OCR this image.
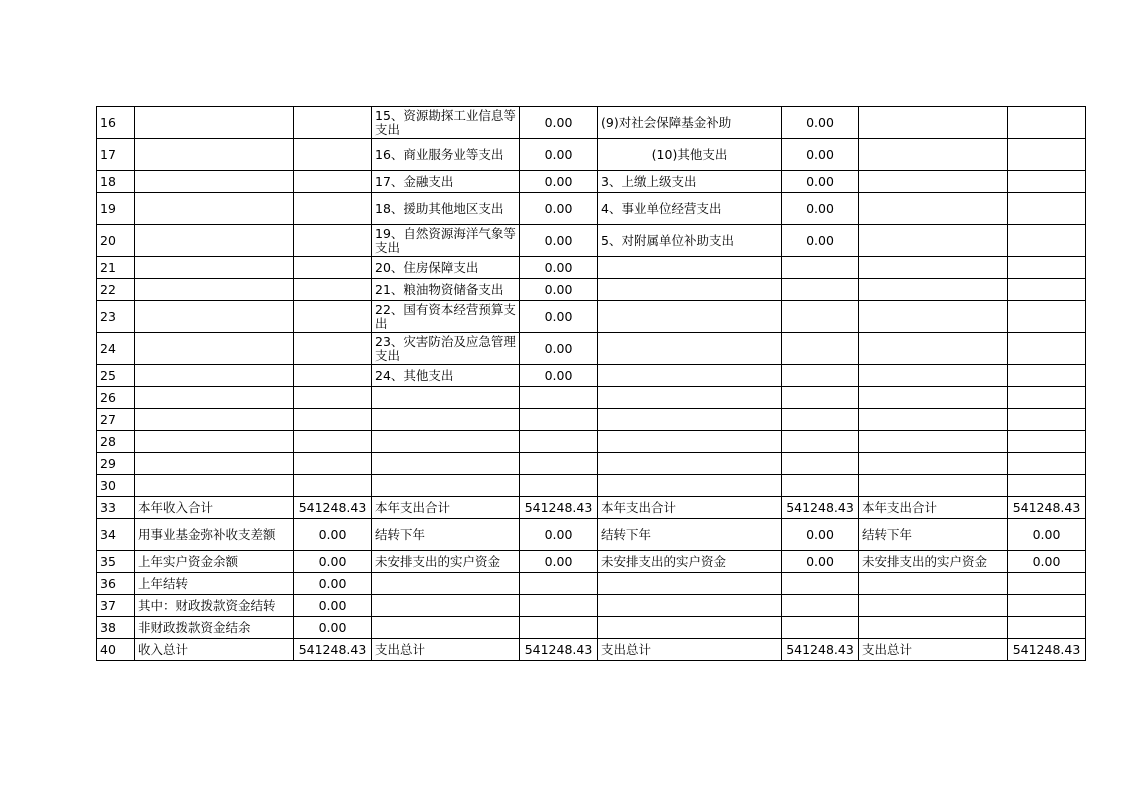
16			15、资源勘探工业信息等支出	0.00	(9)对社会保障基金补助	0.00		
17			16、商业服务业等支出	0.00	(10)其他支出	0.00		
18			17、金融支出	0.00	3、上缴上级支出	0.00		
19			18、援助其他地区支出	0.00	4、事业单位经营支出	0.00		
20			19、自然资源海洋气象等支出	0.00	5、对附属单位补助支出	0.00		
21			20、住房保障支出	0.00				
22			21、粮油物资储备支出	0.00				
23			22、国有资本经营预算支出	0.00				
24			23、灾害防治及应急管理支出	0.00				
25			24、其他支出	0.00				
26								
27								
28								
29								
30								
33	本年收入合计	541248.43	本年支出合计	541248.43	本年支出合计	541248.43	本年支出合计	541248.43
34	用事业基金弥补收支差额	0.00	结转下年	0.00	结转下年	0.00	结转下年	0.00
35	上年实户资金余额	0.00	未安排支出的实户资金	0.00	未安排支出的实户资金	0.00	未安排支出的实户资金	0.00
36	上年结转	0.00						
37	其中：财政拨款资金结转	0.00						
38	非财政拨款资金结余	0.00						
40	收入总计	541248.43	支出总计	541248.43	支出总计	541248.43	支出总计	541248.43
